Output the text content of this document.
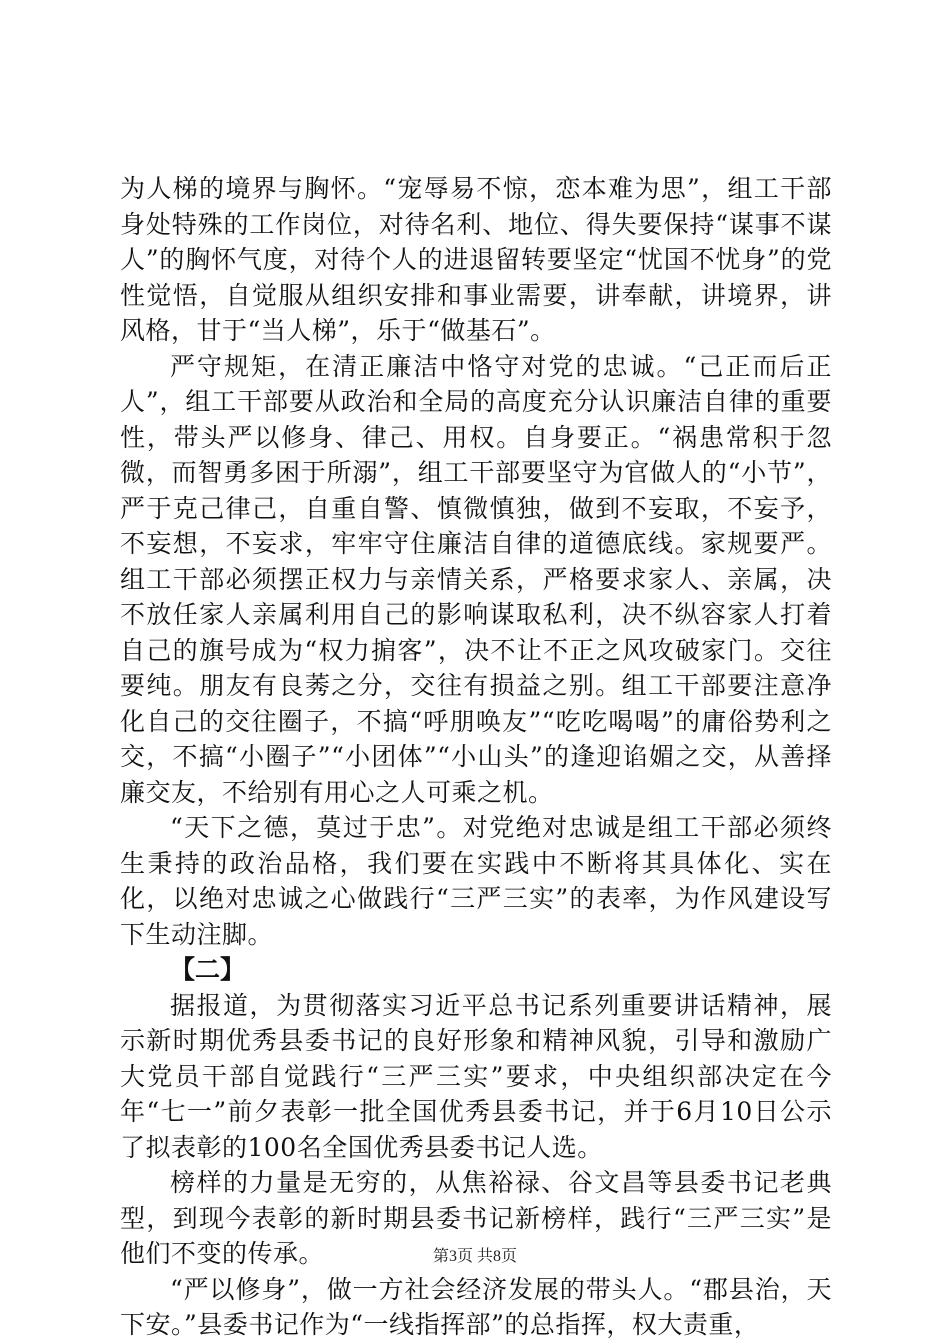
为人梯的境界与胸怀。“宠辱易不惊，恋本难为思”，组工干部身处特殊的工作岗位，对待名利、地位、得失要保持“谋事不谋人”的胸怀气度，对待个人的进退留转要坚定“忧国不忧身”的党性觉悟，自觉服从组织安排和事业需要，讲奉献，讲境界，讲风格，甘于“当人梯”，乐于“做基石”。

严守规矩，在清正廉洁中恪守对党的忠诚。“己正而后正人”，组工干部要从政治和全局的高度充分认识廉洁自律的重要性，带头严以修身、律己、用权。自身要正。“祸患常积于忽微，而智勇多困于所溺”，组工干部要坚守为官做人的“小节”，严于克己律己，自重自警、慎微慎独，做到不妄取，不妄予，不妄想，不妄求，牢牢守住廉洁自律的道德底线。家规要严。组工干部必须摆正权力与亲情关系，严格要求家人、亲属，决不放任家人亲属利用自己的影响谋取私利，决不纵容家人打着自己的旗号成为“权力掮客”，决不让不正之风攻破家门。交往要纯。朋友有良莠之分，交往有损益之别。组工干部要注意净化自己的交往圈子，不搞“呼朋唤友”“吃吃喝喝”的庸俗势利之交，不搞“小圈子”“小团体”“小山头”的逢迎谄媚之交，从善择廉交友，不给别有用心之人可乘之机。

“天下之德，莫过于忠”。对党绝对忠诚是组工干部必须终生秉持的政治品格，我们要在实践中不断将其具体化、实在化，以绝对忠诚之心做践行“三严三实”的表率，为作风建设写下生动注脚。

【二】

据报道，为贯彻落实习近平总书记系列重要讲话精神，展示新时期优秀县委书记的良好形象和精神风貌，引导和激励广大党员干部自觉践行“三严三实”要求，中央组织部决定在今年“七一”前夕表彰一批全国优秀县委书记，并于6月10日公示了拟表彰的100名全国优秀县委书记人选。

榜样的力量是无穷的，从焦裕禄、谷文昌等县委书记老典型，到现今表彰的新时期县委书记新榜样，践行“三严三实”是他们不变的传承。

“严以修身”，做一方社会经济发展的带头人。“郡县治，天下安。”县委书记作为“一线指挥部”的总指挥，权大责重，

第3页 共8页
